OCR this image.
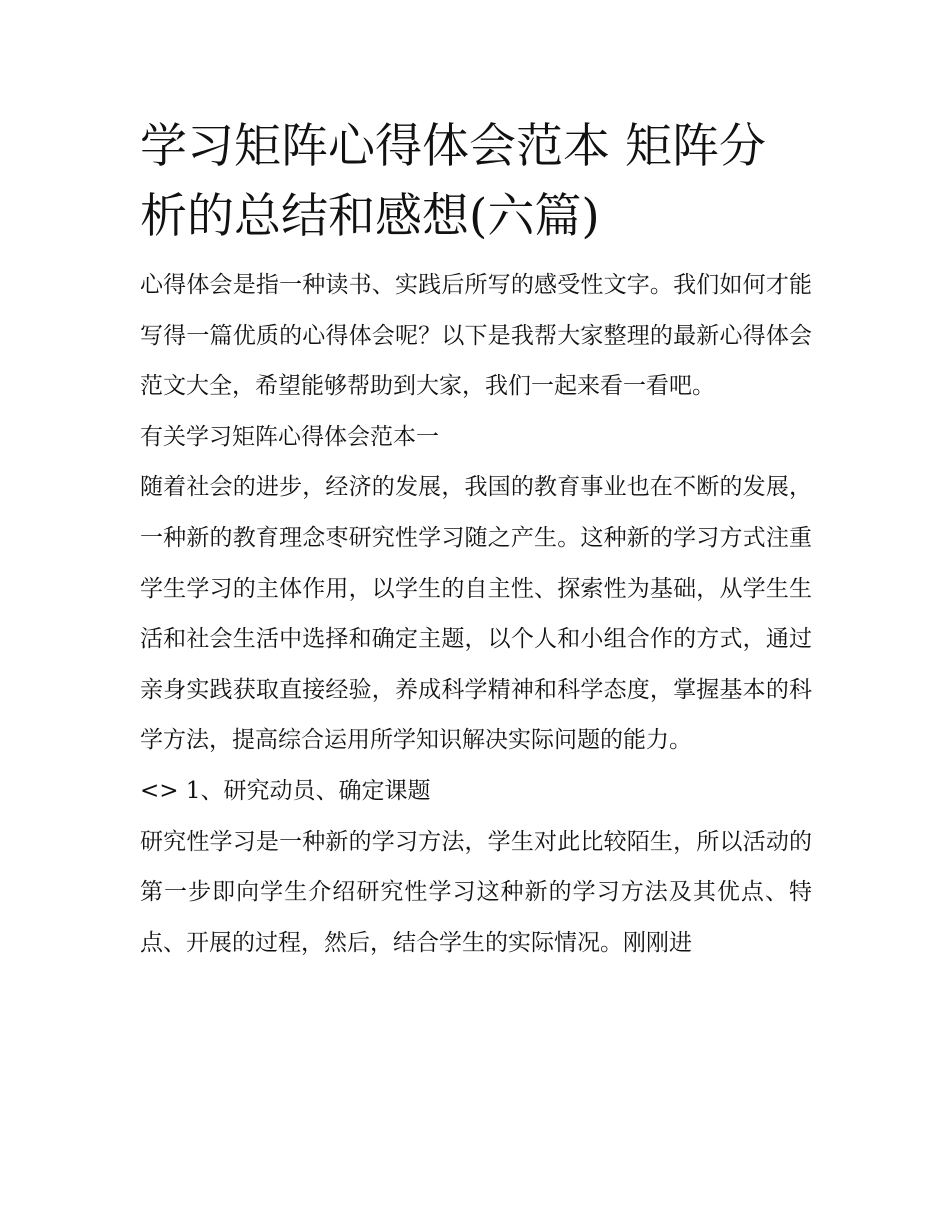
学习矩阵心得体会范本 矩阵分析的总结和感想(六篇)

心得体会是指一种读书、实践后所写的感受性文字。我们如何才能写得一篇优质的心得体会呢？以下是我帮大家整理的最新心得体会范文大全，希望能够帮助到大家，我们一起来看一看吧。

有关学习矩阵心得体会范本一

随着社会的进步，经济的发展，我国的教育事业也在不断的发展，一种新的教育理念枣研究性学习随之产生。这种新的学习方式注重学生学习的主体作用，以学生的自主性、探索性为基础，从学生生活和社会生活中选择和确定主题，以个人和小组合作的方式，通过亲身实践获取直接经验，养成科学精神和科学态度，掌握基本的科学方法，提高综合运用所学知识解决实际问题的能力。

<> 1、研究动员、确定课题

研究性学习是一种新的学习方法，学生对此比较陌生，所以活动的第一步即向学生介绍研究性学习这种新的学习方法及其优点、特点、开展的过程，然后，结合学生的实际情况。刚刚进
